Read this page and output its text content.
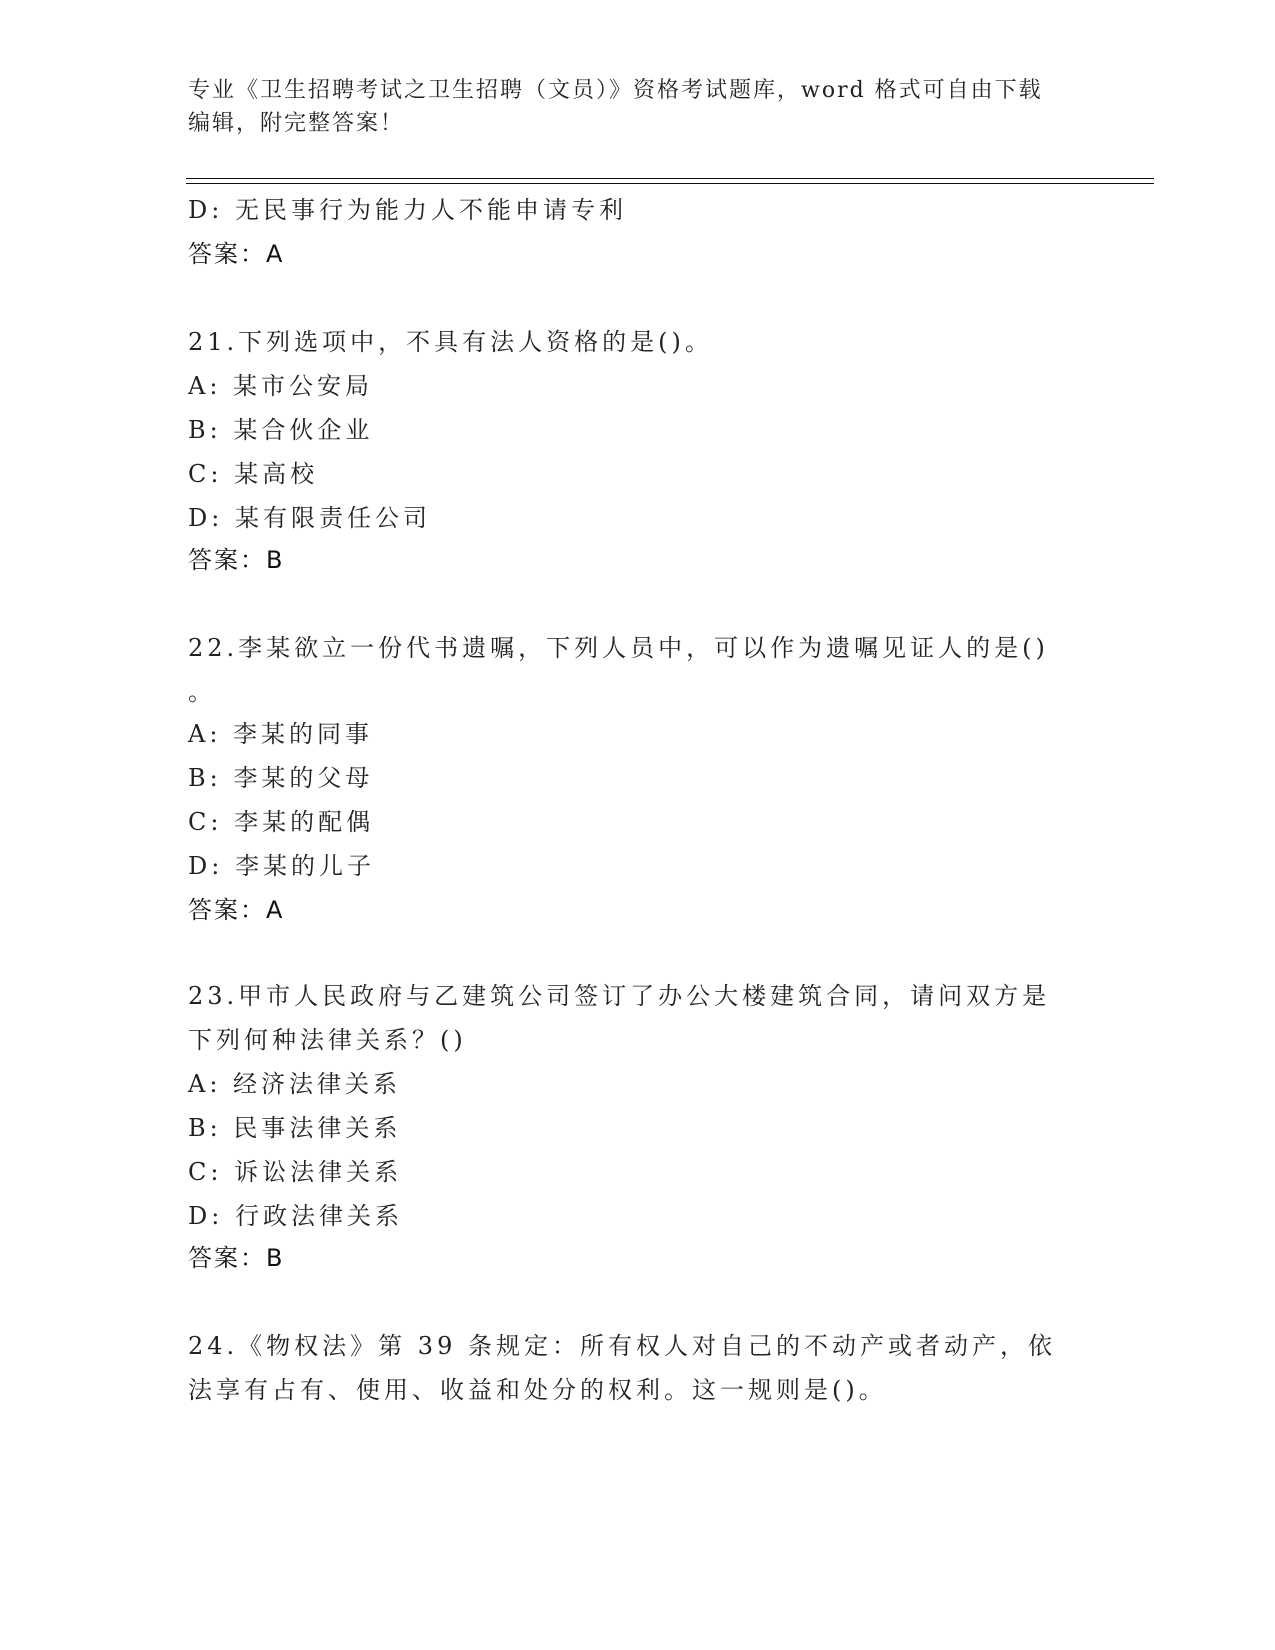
专业《卫生招聘考试之卫生招聘（文员）》资格考试题库，word 格式可自由下载
编辑，附完整答案！
D: 无民事行为能力人不能申请专利
答案：A
21.下列选项中，不具有法人资格的是()。
A: 某市公安局
B: 某合伙企业
C: 某高校
D: 某有限责任公司
答案：B
22.李某欲立一份代书遗嘱，下列人员中，可以作为遗嘱见证人的是()
。
A: 李某的同事
B: 李某的父母
C: 李某的配偶
D: 李某的儿子
答案：A
23.甲市人民政府与乙建筑公司签订了办公大楼建筑合同，请问双方是
下列何种法律关系？()
A: 经济法律关系
B: 民事法律关系
C: 诉讼法律关系
D: 行政法律关系
答案：B
24.《物权法》第 39 条规定：所有权人对自己的不动产或者动产，依
法享有占有、使用、收益和处分的权利。这一规则是()。
